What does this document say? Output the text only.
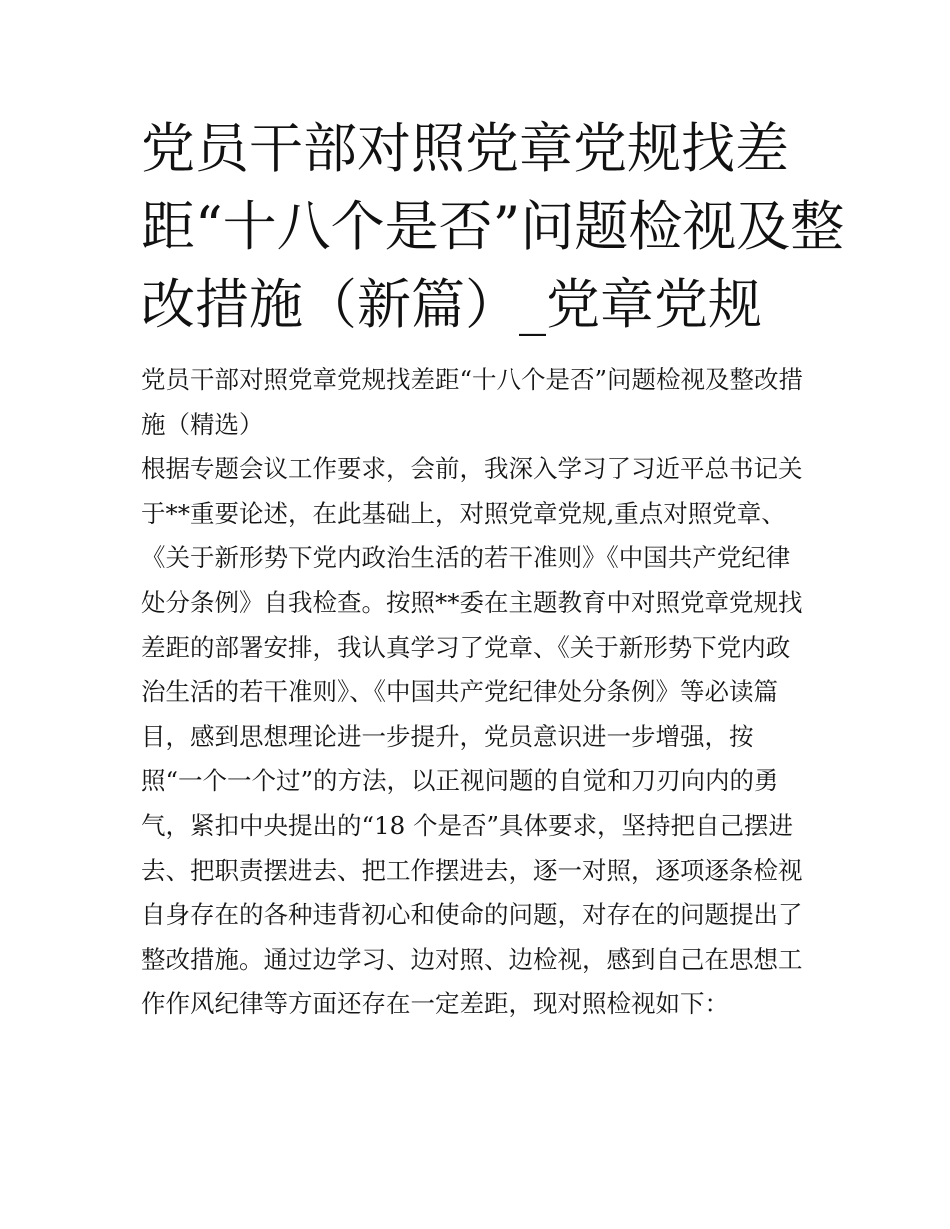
党员干部对照党章党规找差
距“十八个是否”问题检视及整
改措施（新篇）_党章党规
党员干部对照党章党规找差距“十八个是否”问题检视及整改措
施（精选）
根据专题会议工作要求，会前，我深入学习了习近平总书记关
于**重要论述，在此基础上，对照党章党规,重点对照党章、
《关于新形势下党内政治生活的若干准则》《中国共产党纪律
处分条例》自我检查。按照**委在主题教育中对照党章党规找
差距的部署安排，我认真学习了党章、《关于新形势下党内政
治生活的若干准则》、《中国共产党纪律处分条例》等必读篇
目，感到思想理论进一步提升，党员意识进一步增强，按
照“一个一个过”的方法，以正视问题的自觉和刀刃向内的勇
气，紧扣中央提出的“18 个是否”具体要求，坚持把自己摆进
去、把职责摆进去、把工作摆进去，逐一对照，逐项逐条检视
自身存在的各种违背初心和使命的问题，对存在的问题提出了
整改措施。通过边学习、边对照、边检视，感到自己在思想工
作作风纪律等方面还存在一定差距，现对照检视如下：
